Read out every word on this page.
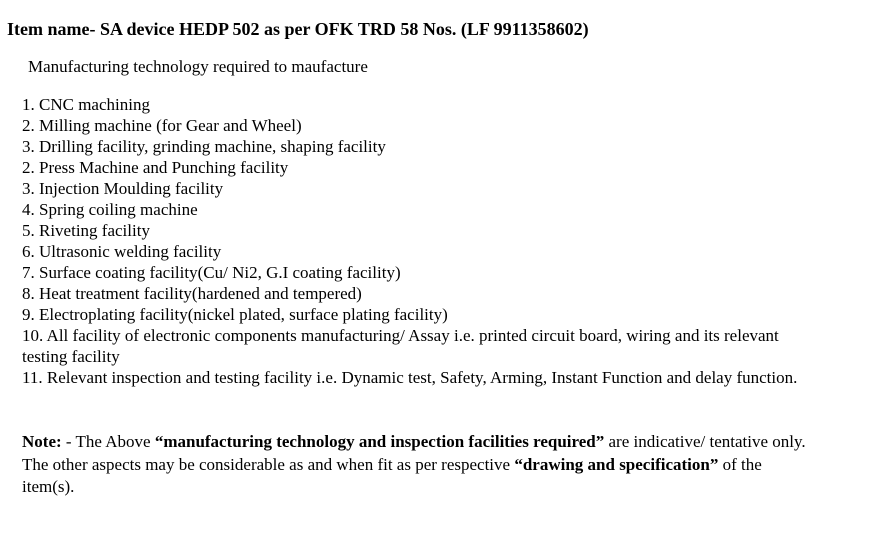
Item name- SA device HEDP 502 as per OFK TRD 58 Nos. (LF 9911358602)
Manufacturing technology required to maufacture
1. CNC machining
2. Milling machine (for Gear and Wheel)
3. Drilling facility, grinding machine, shaping facility
2. Press Machine and Punching facility
3. Injection Moulding facility
4. Spring coiling machine
5. Riveting facility
6. Ultrasonic welding facility
7. Surface coating facility(Cu/ Ni2, G.I coating facility)
8. Heat treatment facility(hardened and tempered)
9. Electroplating facility(nickel plated, surface plating facility)
10. All facility of electronic components manufacturing/ Assay i.e. printed circuit board, wiring and its relevant testing facility
11. Relevant inspection and testing facility i.e. Dynamic test, Safety, Arming, Instant Function and delay function.

Note: - The Above “manufacturing technology and inspection facilities required” are indicative/ tentative only. The other aspects may be considerable as and when fit as per respective “drawing and specification” of the item(s).
